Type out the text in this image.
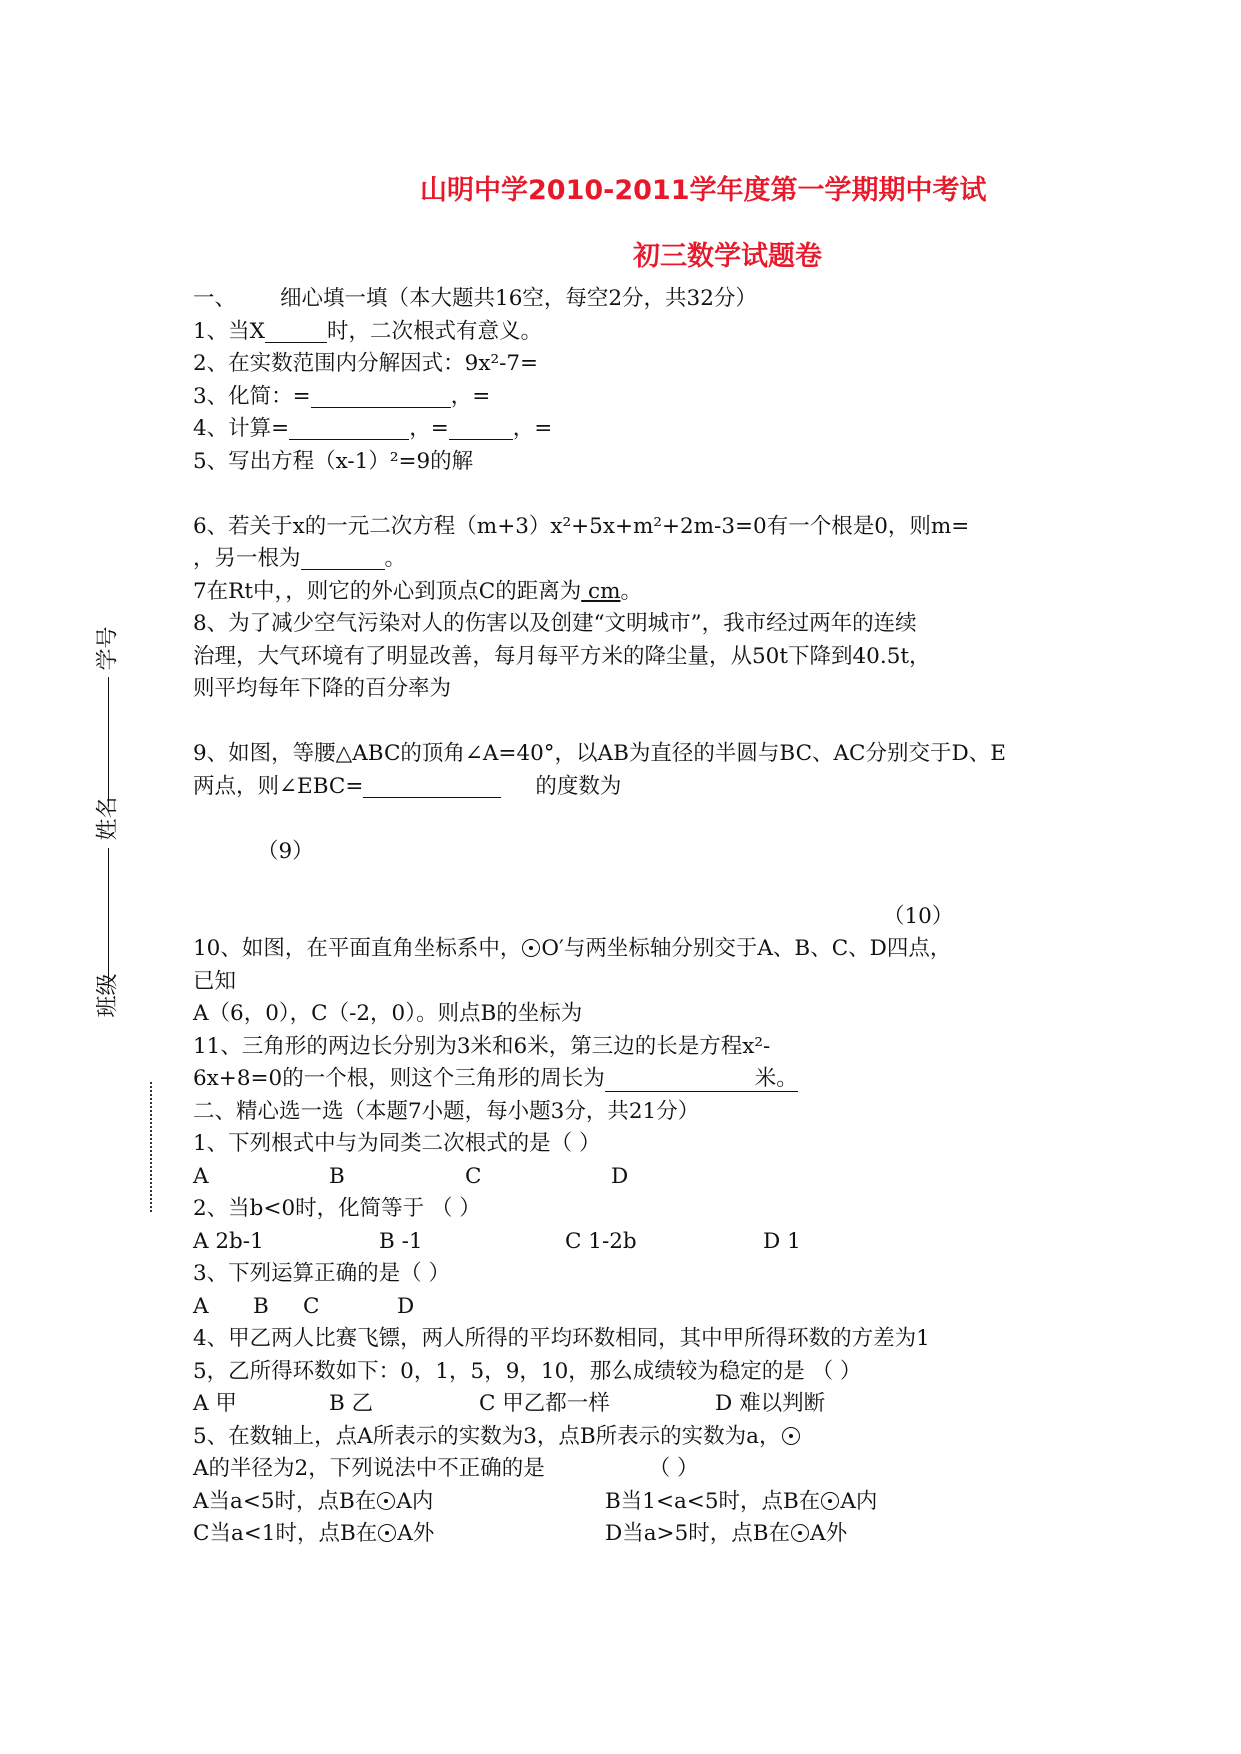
山明中学2010-2011学年度第一学期期中考试
初三数学试题卷
学号
姓名
班级
一、 细心填一填（本大题共16空，每空2分，共32分）
1、当X	时，二次根式有意义。
2、在实数范围内分解因式：9x²-7=
3、化简：=	，=
4、计算=	，=	，=
5、写出方程（x-1）²=9的解
6、若关于x的一元二次方程（m+3）x²+5x+m²+2m-3=0有一个根是0，则m=
，另一根为	。
7在Rt中，，则它的外心到顶点C的距离为 cm。
8、为了减少空气污染对人的伤害以及创建“文明城市”，我市经过两年的连续
治理，大气环境有了明显改善，每月每平方米的降尘量，从50t下降到40.5t，
则平均每年下降的百分率为
9、如图，等腰△ABC的顶角∠A=40°，以AB为直径的半圆与BC、AC分别交于D、E
两点，则∠EBC=	的度数为
（9）
（10）
10、如图，在平面直角坐标系中， O′与两坐标轴分别交于A、B、C、D四点，
已知
A（6，0），C（-2，0）。则点B的坐标为
11、三角形的两边长分别为3米和6米，第三边的长是方程x²-
6x+8=0的一个根，则这个三角形的周长为	米。
二、精心选一选（本题7小题，每小题3分，共21分）
1、下列根式中与为同类二次根式的是（ ）
A	B	C	D
2、当b<0时，化简等于 （ ）
A 2b-1	B -1	C 1-2b	D 1
3、下列运算正确的是（ ）
A B C	D
4、甲乙两人比赛飞镖，两人所得的平均环数相同，其中甲所得环数的方差为1
5，乙所得环数如下：0，1，5，9，10，那么成绩较为稳定的是 （ ）
A 甲	B 乙	C 甲乙都一样	D 难以判断
5、在数轴上，点A所表示的实数为3，点B所表示的实数为a，
A的半径为2，下列说法中不正确的是	（ ）
A当a<5时，点B在 A内	B当1<a<5时，点B在 A内
C当a<1时，点B在 A外	D当a>5时，点B在 A外
